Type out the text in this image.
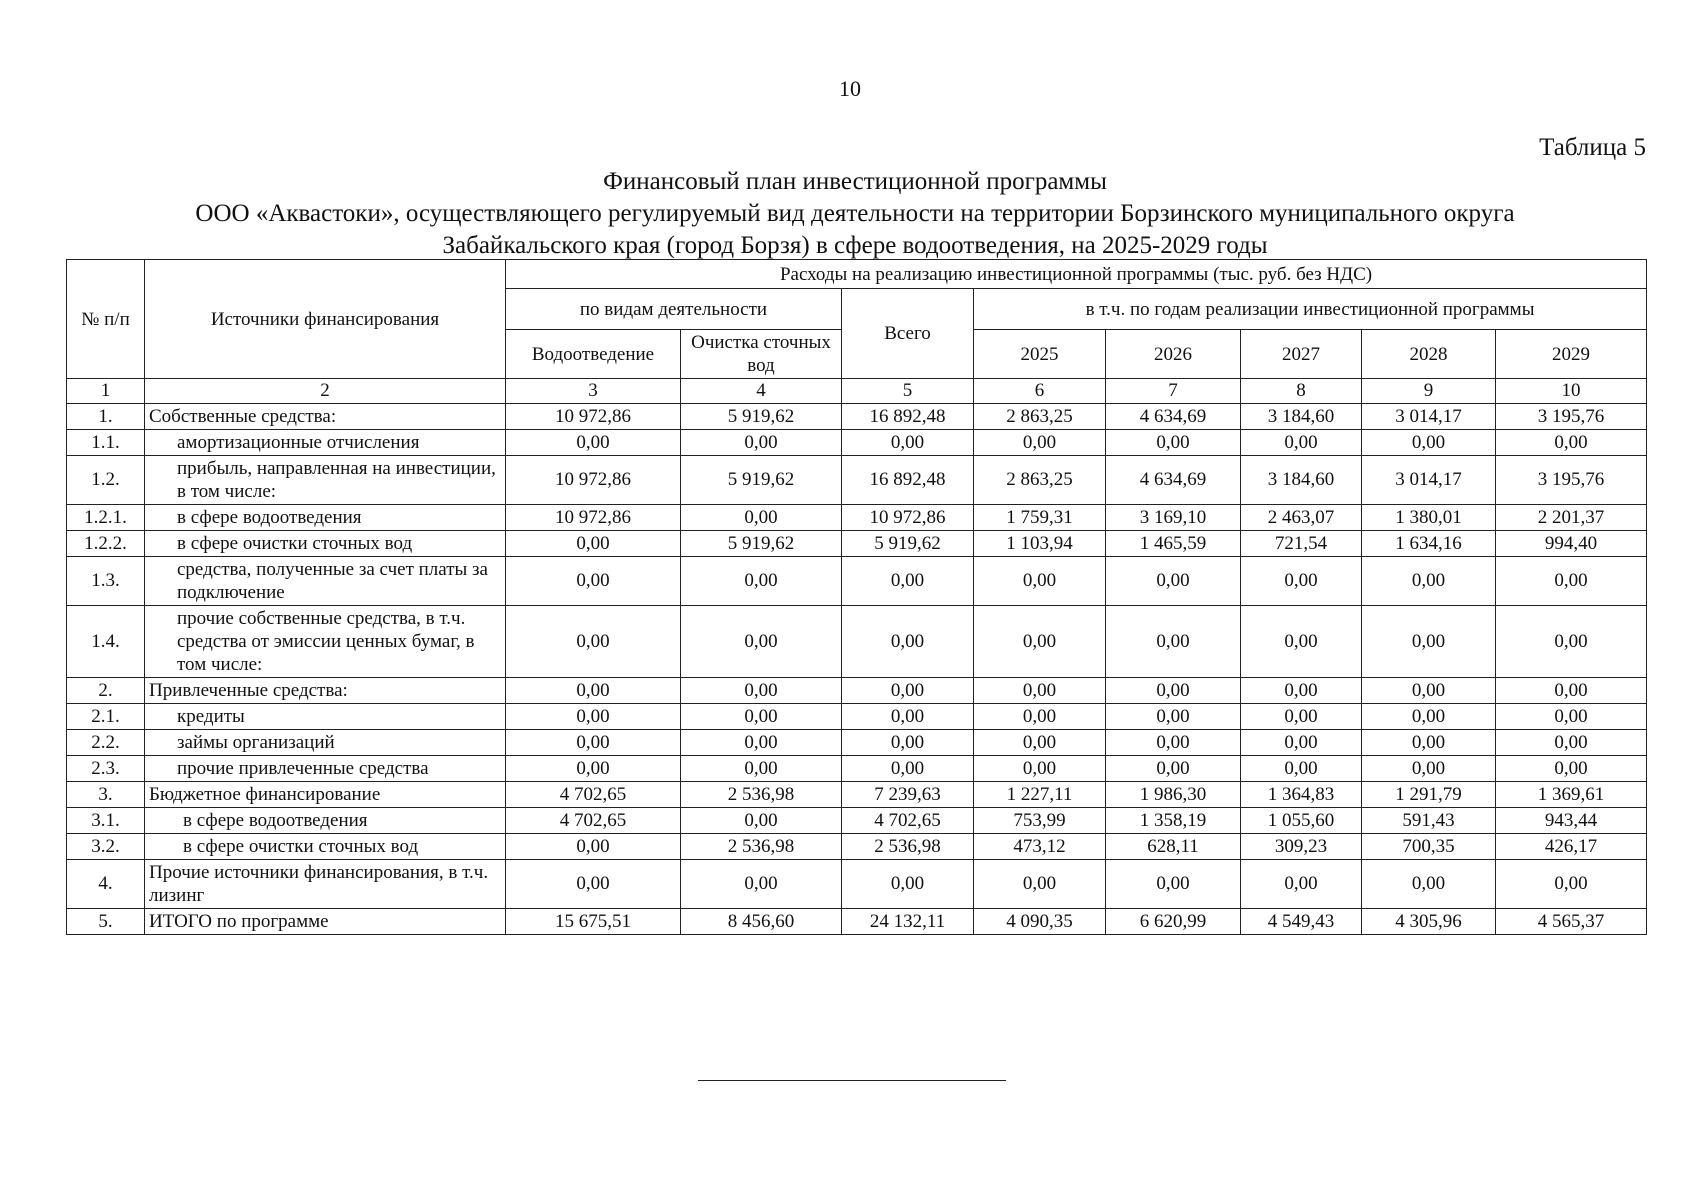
10
Таблица 5
Финансовый план инвестиционной программы
ООО «Аквастоки», осуществляющего регулируемый вид деятельности на территории Борзинского муниципального округа
Забайкальского края (город Борзя) в сфере водоотведения, на 2025-2029 годы
№ п/п	Источники финансирования	Расходы на реализацию инвестиционной программы (тыс. руб. без НДС)							
		по видам деятельности		Всего	в т.ч. по годам реализации инвестиционной программы				
		Водоотведение	Очистка сточных вод		2025	2026	2027	2028	2029
1	2	3	4	5	6	7	8	9	10
1.	Собственные средства:	10 972,86	5 919,62	16 892,48	2 863,25	4 634,69	3 184,60	3 014,17	3 195,76
1.1.	амортизационные отчисления	0,00	0,00	0,00	0,00	0,00	0,00	0,00	0,00
1.2.	прибыль, направленная на инвестиции, в том числе:	10 972,86	5 919,62	16 892,48	2 863,25	4 634,69	3 184,60	3 014,17	3 195,76
1.2.1.	в сфере водоотведения	10 972,86	0,00	10 972,86	1 759,31	3 169,10	2 463,07	1 380,01	2 201,37
1.2.2.	в сфере очистки сточных вод	0,00	5 919,62	5 919,62	1 103,94	1 465,59	721,54	1 634,16	994,40
1.3.	средства, полученные за счет платы за подключение	0,00	0,00	0,00	0,00	0,00	0,00	0,00	0,00
1.4.	прочие собственные средства, в т.ч. средства от эмиссии ценных бумаг, в том числе:	0,00	0,00	0,00	0,00	0,00	0,00	0,00	0,00
2.	Привлеченные средства:	0,00	0,00	0,00	0,00	0,00	0,00	0,00	0,00
2.1.	кредиты	0,00	0,00	0,00	0,00	0,00	0,00	0,00	0,00
2.2.	займы организаций	0,00	0,00	0,00	0,00	0,00	0,00	0,00	0,00
2.3.	прочие привлеченные средства	0,00	0,00	0,00	0,00	0,00	0,00	0,00	0,00
3.	Бюджетное финансирование	4 702,65	2 536,98	7 239,63	1 227,11	1 986,30	1 364,83	1 291,79	1 369,61
3.1.	в сфере водоотведения	4 702,65	0,00	4 702,65	753,99	1 358,19	1 055,60	591,43	943,44
3.2.	в сфере очистки сточных вод	0,00	2 536,98	2 536,98	473,12	628,11	309,23	700,35	426,17
4.	Прочие источники финансирования, в т.ч. лизинг	0,00	0,00	0,00	0,00	0,00	0,00	0,00	0,00
5.	ИТОГО по программе	15 675,51	8 456,60	24 132,11	4 090,35	6 620,99	4 549,43	4 305,96	4 565,37
